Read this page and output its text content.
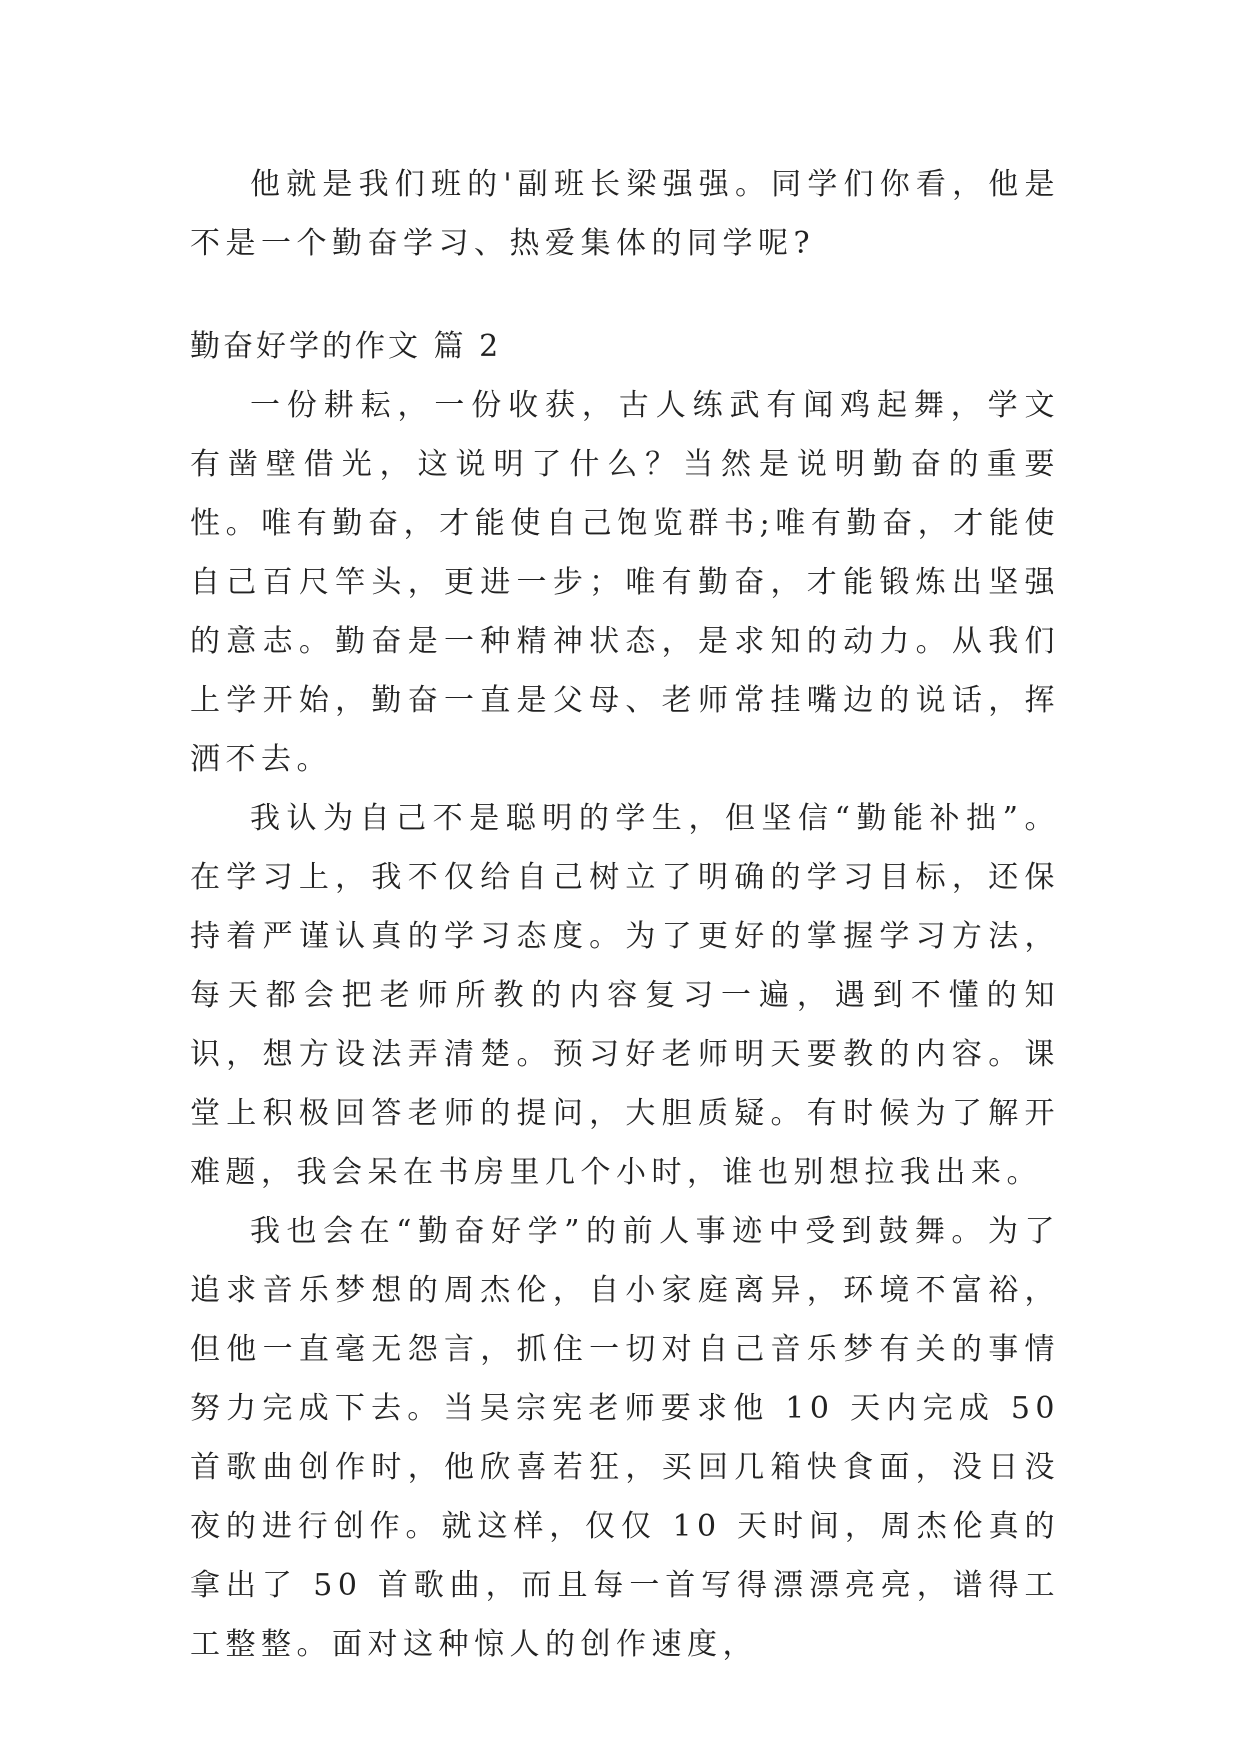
他就是我们班的'副班长梁强强。同学们你看，他是不是一个勤奋学习、热爱集体的同学呢?

勤奋好学的作文 篇 2

一份耕耘，一份收获，古人练武有闻鸡起舞，学文有凿壁借光，这说明了什么？当然是说明勤奋的重要性。唯有勤奋，才能使自己饱览群书;唯有勤奋，才能使自己百尺竿头，更进一步；唯有勤奋，才能锻炼出坚强的意志。勤奋是一种精神状态，是求知的动力。从我们上学开始，勤奋一直是父母、老师常挂嘴边的说话，挥洒不去。

我认为自己不是聪明的学生，但坚信“勤能补拙”。在学习上，我不仅给自己树立了明确的学习目标，还保持着严谨认真的学习态度。为了更好的掌握学习方法，每天都会把老师所教的内容复习一遍，遇到不懂的知识，想方设法弄清楚。预习好老师明天要教的内容。课堂上积极回答老师的提问，大胆质疑。有时候为了解开难题，我会呆在书房里几个小时，谁也别想拉我出来。

我也会在“勤奋好学”的前人事迹中受到鼓舞。为了追求音乐梦想的周杰伦，自小家庭离异，环境不富裕，但他一直毫无怨言，抓住一切对自己音乐梦有关的事情努力完成下去。当吴宗宪老师要求他 10 天内完成 50 首歌曲创作时，他欣喜若狂，买回几箱快食面，没日没夜的进行创作。就这样，仅仅 10 天时间，周杰伦真的拿出了 50 首歌曲，而且每一首写得漂漂亮亮，谱得工工整整。面对这种惊人的创作速度，
